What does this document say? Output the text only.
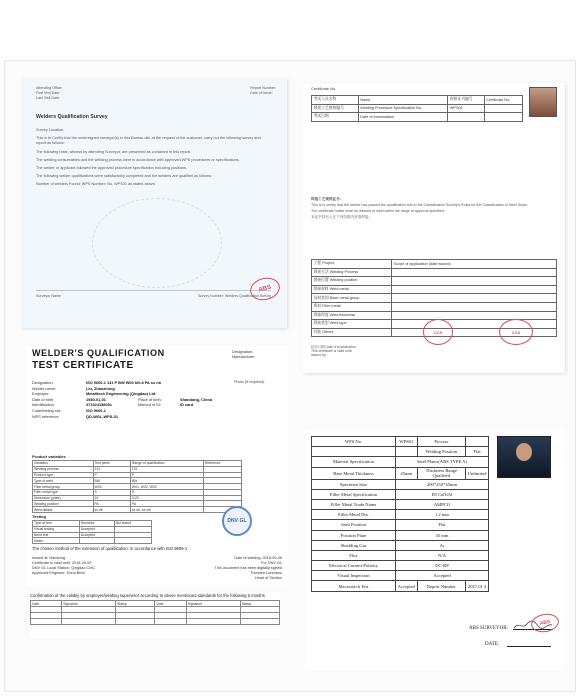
Attending Office:
First Visit Date:
Last Visit Date:
Report Number:
Date of Issue:
Welders Qualification Survey

Survey Location:

This is to Certify that the undersigned surveyor(s) to this Bureau did, at the request of the customer, carry out the following survey and report as follows:

The following tests, witness by attending Surveyor, are presented as contained in this report.

The welding consumables and the welding process were in accordance with approved WPS procedures or specifications.

The welder or applicant followed the approved procedure specification including positions.

The following welder qualifications were satisfactorily completed and the welders are qualified as follows:

Number of welders Found: WPS Number: No. WPS01 as stated above.

Surveyor Name	Survey Number: Welders Qualification Survey
ABS
Certificate No.
考试人员名称	Name	焊接证书编号	Certificate No.
焊接工艺规格编号	Welding Procedure Specification No.	WPS01	
考试日期	Date of examination		

焊接工艺规格证书：

This is to certify that the welder has passed the qualification test to the Classification Society's Rules for the Classification of Steel Ships.

The certificate holder shall be allowed to weld within the range of approval specified.

本证书持有人在下列范围内获准焊接。

工程 Project	Scope of application (date issued)
焊接方法 Welding Process	
焊接位置 Welding position	
焊接材料 Weld metal	
母材类别 Base metal group	
焊材 Filler metal	
焊缝厚度 Weld thickness	
焊接类型 Weld type	
其他 Others		CCS	CCS

检验日期 Date of examination:

This certificate is valid until:

Issued by:

WELDER'S QUALIFICATION
TEST CERTIFICATE
Designation:
Manufacturer:
Photo (if required)
Designation:	ISO 9606-1 131 P BW W03 hl0.8 PA ss nb
Welder name:	Liu, Zhaozhong
Employer:	Metalitech Engineering (Qingdao) Ltd.
Date of birth:	1980-01-01	Place of birth:	Shandong, China
Identification:	371024198001	Method of ID:	ID card
Code/testing std:	ISO 9606-1
WPS reference:	QD-WGL-WPS-01
Product variables
Variables	Test piece	Range of qualification	Reference
Welding process	131	131	
Product type	P	P	
Type of weld	BW	BW	
Filler metal group	W03	W01, W02, W03	
Filler metal type	S	S	
Dimension (plate)	10	3-20	
Welding position	PA	PA	
Weld details	ss nb	ss nb, ss mb	
Testing
Type of test	Remarks	Not tested
Visual testing	Accepted	
Bend test	Accepted	
Macro		
DNV·GL
The chosen method of the extension of qualification: in accordance with ISO 9606-1
Issued at: Hamburg	Date of welding: 2016-09-06
Certificate is valid until: 2018-09-05	For DNV GL
DNV GL Local Station: Qingdao CMC	This document has been digitally signed
Approved Engineer: Dona Brick	Thorsten Lohmann
Head of Section
Confirmation of the validity by employer/welding supervisor according to above mentioned standards for the following 6 months
Date	Signature	Stamp	Date	Signature	Stamp

WPS No.	WPS01	Process	
		Welding Position	Flat
Material Specification	Steel Plates(ABS TYPE A)		
Base Metal Thickness	45mm	Thickness Range Qualified	Unlimited
Specimen Size	200*250*45mm		
Filler Metal Specification	E8 CuNiAl		
Filler Metal Trade Name	AMPCO		
Filler Metal Dia.	1.2 mm		
Joint Position	Flat		
Position Plate	45 mm		
Shielding Gas	Ar		
Flux	N/A		
Electrical Current-Polarity	DC-RP		
Visual Inspection	Accepted		
Macrosetch Test	Accepted	Report Number	2017.01.3
ABS SURVEYOR:
ABS
DATE:
